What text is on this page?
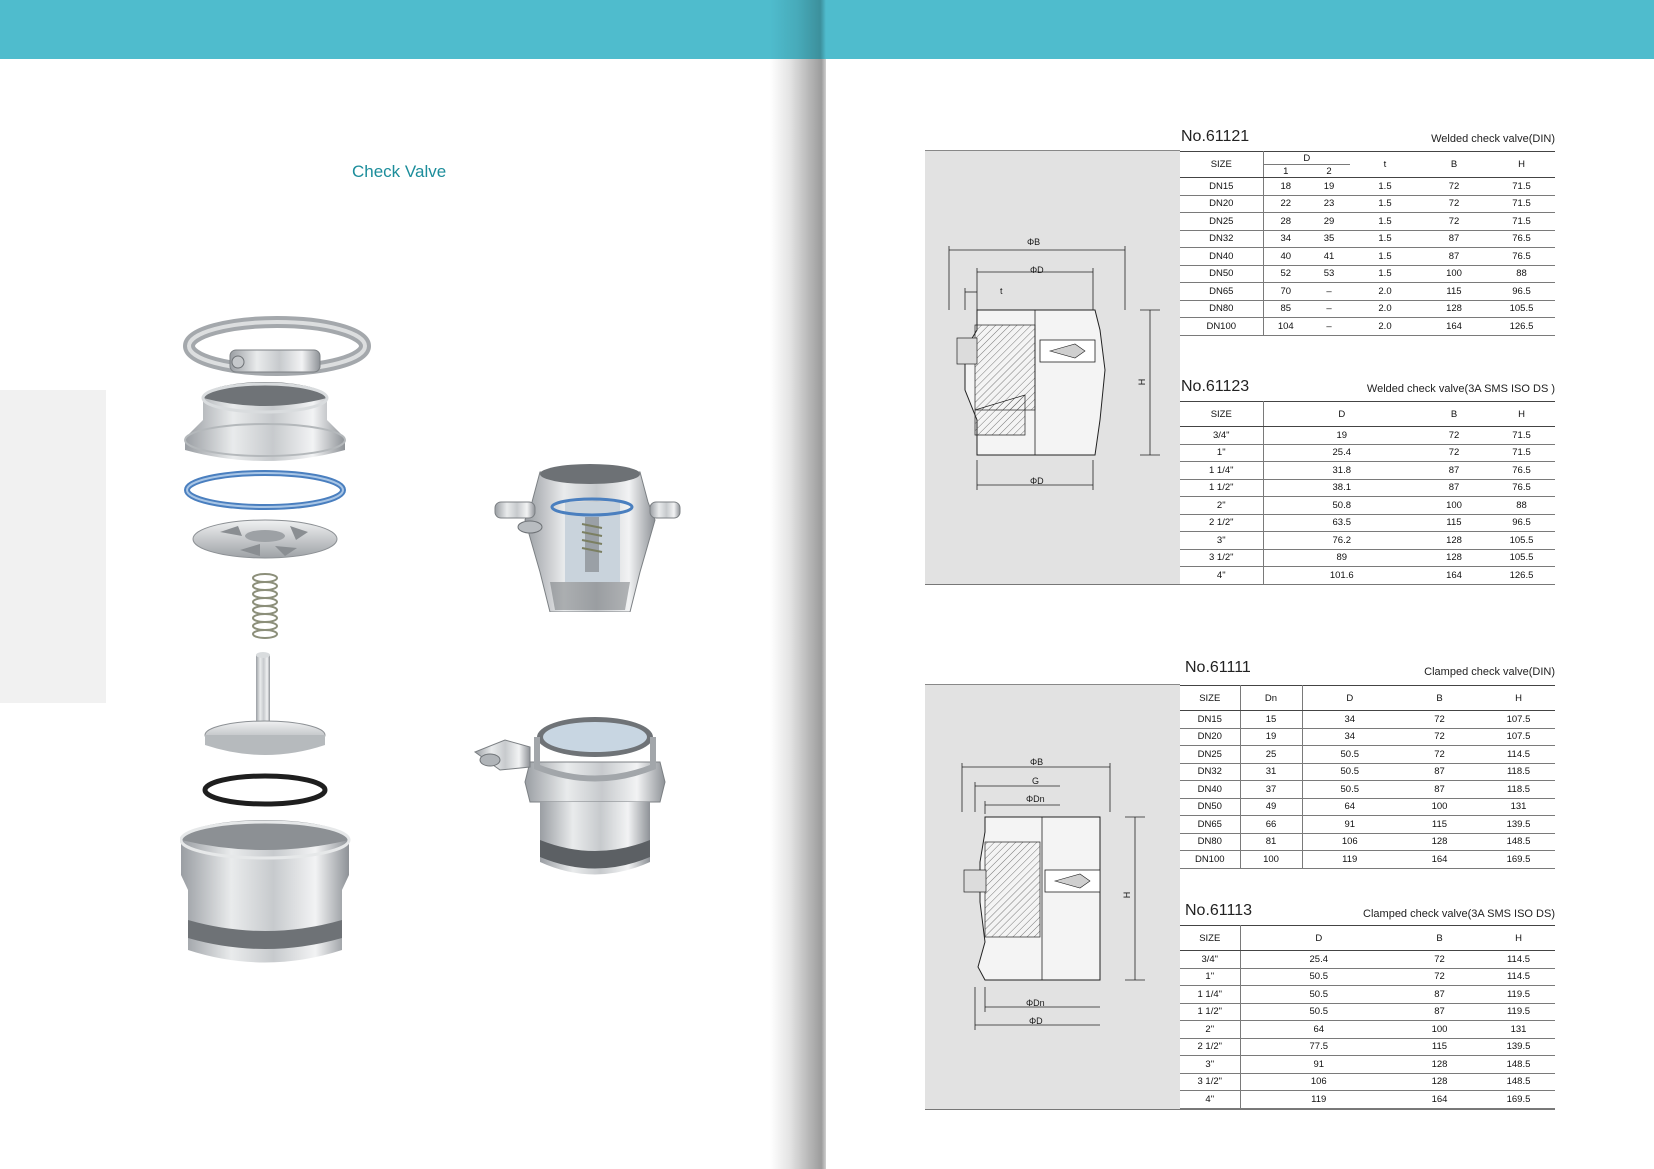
Check Valve
No.61121	Welded check valve(DIN)
ΦB
ΦD
t
H
ΦD
SIZE	D		t	B	H
	1	2			
DN15	18	19	1.5	72	71.5
DN20	22	23	1.5	72	71.5
DN25	28	29	1.5	72	71.5
DN32	34	35	1.5	87	76.5
DN40	40	41	1.5	87	76.5
DN50	52	53	1.5	100	88
DN65	70	–	2.0	115	96.5
DN80	85	–	2.0	128	105.5
DN100	104	–	2.0	164	126.5
No.61123	Welded check valve(3A SMS ISO DS )
SIZE	D	B	H
3/4"	19	72	71.5
1"	25.4	72	71.5
1 1/4"	31.8	87	76.5
1 1/2"	38.1	87	76.5
2"	50.8	100	88
2 1/2"	63.5	115	96.5
3"	76.2	128	105.5
3 1/2"	89	128	105.5
4"	101.6	164	126.5
No.61111	Clamped check valve(DIN)
ΦB
G
ΦDn
H
ΦDn
ΦD
SIZE	Dn	D	B	H
DN15	15	34	72	107.5
DN20	19	34	72	107.5
DN25	25	50.5	72	114.5
DN32	31	50.5	87	118.5
DN40	37	50.5	87	118.5
DN50	49	64	100	131
DN65	66	91	115	139.5
DN80	81	106	128	148.5
DN100	100	119	164	169.5
No.61113	Clamped check valve(3A SMS ISO DS)
SIZE	D	B	H
3/4"	25.4	72	114.5
1"	50.5	72	114.5
1 1/4"	50.5	87	119.5
1 1/2"	50.5	87	119.5
2"	64	100	131
2 1/2"	77.5	115	139.5
3"	91	128	148.5
3 1/2"	106	128	148.5
4"	119	164	169.5
